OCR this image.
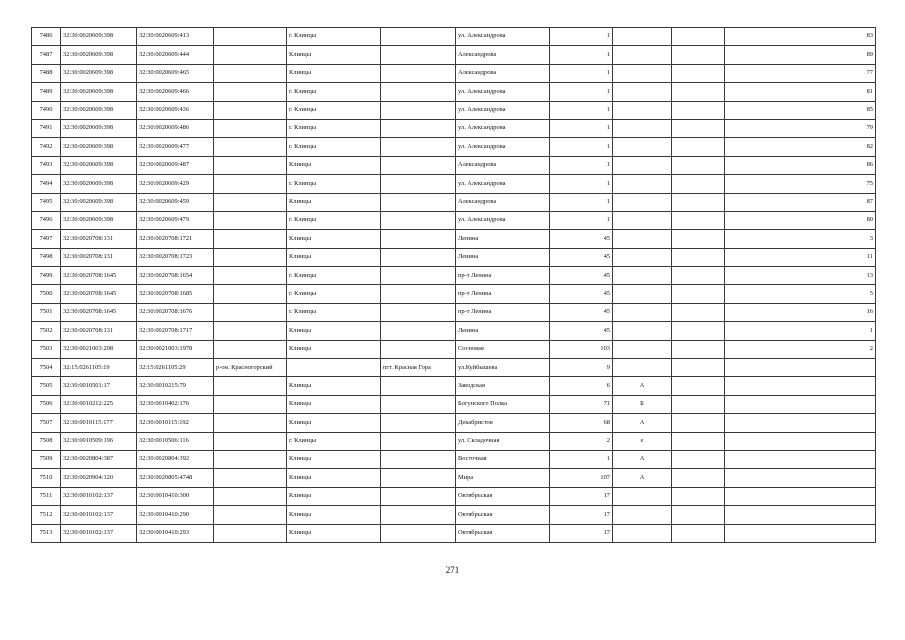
7486	32:30:0020609:398	32:30:0020609:413		г. Клинцы		ул. Александрова	1			83
7487	32:30:0020609:398	32:30:0020609:444		Клинцы		Александрова	1			89
7488	32:30:0020609:398	32:30:0020609:465		Клинцы		Александрова	1			77
7489	32:30:0020609:398	32:30:0020609:466		г. Клинцы		ул. Александрова	1			81
7490	32:30:0020609:398	32:30:0020609:436		г. Клинцы		ул. Александрова	1			85
7491	32:30:0020609:398	32:30:0020609:486		г. Клинцы		ул. Александрова	1			79
7492	32:30:0020609:398	32:30:0020609:477		г. Клинцы		ул. Александрова	1			82
7493	32:30:0020609:398	32:30:0020609:487		Клинцы		Александрова	1			86
7494	32:30:0020609:398	32:30:0020609:429		г. Клинцы		ул. Александрова	1			75
7495	32:30:0020609:398	32:30:0020609:459		Клинцы		Александрова	1			87
7496	32:30:0020609:398	32:30:0020609:479		г. Клинцы		ул. Александрова	1			80
7497	32:30:0020708:131	32:30:0020708:1721		Клинцы		Ленина	45			3
7498	32:30:0020708:131	32:30:0020708:1723		Клинцы		Ленина	45			11
7499	32:30:0020708:1645	32:30:0020708:1654		г. Клинцы		пр-т Ленина	45			13
7500	32:30:0020708:1645	32:30:0020708:1685		г. Клинцы		пр-т Ленина	45			5
7501	32:30:0020708:1645	32:30:0020708:1676		г. Клинцы		пр-т Ленина	45			16
7502	32:30:0020708:131	32:30:0020708:1717		Клинцы		Ленина	45			1
7503	32:30:0021003:208	32:30:0021003:1978		Клинцы		Сосновая	103			2
7504	32:15:0261105:19	32:15:0261105:29	р-он. Красногорский		пгт. Красная Гора	ул.Куйбышева	9			
7505	32:30:0010501:17	32:30:0010215:79		Клинцы		Заводская	6	А		
7506	32:30:0010212:225	32:30:0010402:176		Клинцы		Богунского Полка	71	Б		
7507	32:30:0010115:177	32:30:0010115:192		Клинцы		Декабристов	68	А		
7508	32:30:0010509:196	32:30:0010506:116		г. Клинцы		ул. Складочная	2	е		
7509	32:30:0020804:387	32:30:0020804:392		Клинцы		Восточная	1	А		
7510	32:30:0020904:120	32:30:0020805:4748		Клинцы		Мира	107	А		
7511	32:30:0010102:137	32:30:0010410:300		Клинцы		Октябрьская	17			
7512	32:30:0010102:137	32:30:0010410:290		Клинцы		Октябрьская	17			
7513	32:30:0010102:137	32:30:0010410:293		Клинцы		Октябрьская	17			
271
